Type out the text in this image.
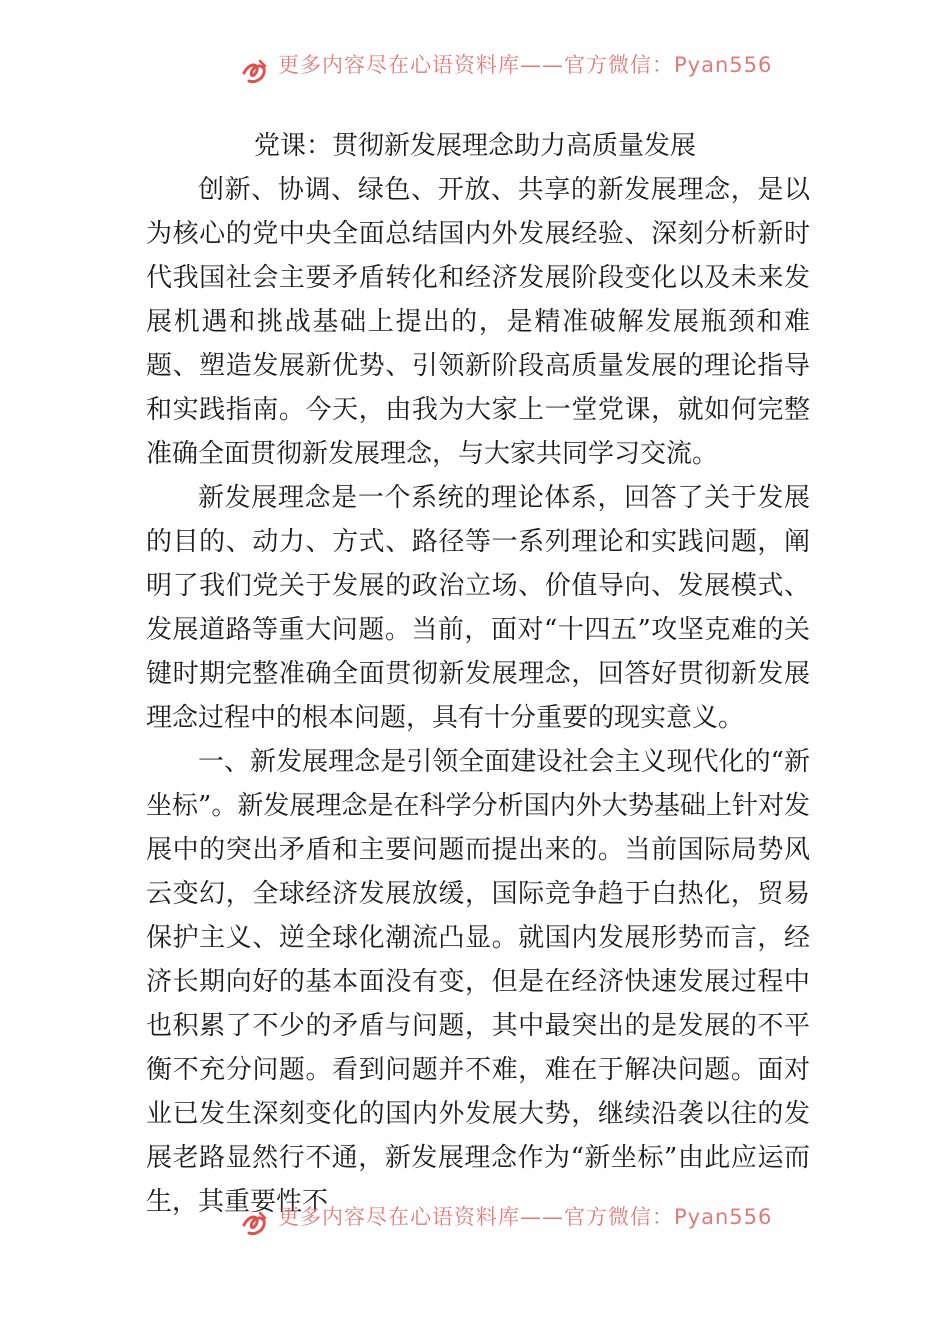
更多内容尽在心语资料库——官方微信：Pyan556
党课：贯彻新发展理念助力高质量发展

创新、协调、绿色、开放、共享的新发展理念，是以为核心的党中央全面总结国内外发展经验、深刻分析新时代我国社会主要矛盾转化和经济发展阶段变化以及未来发展机遇和挑战基础上提出的，是精准破解发展瓶颈和难题、塑造发展新优势、引领新阶段高质量发展的理论指导和实践指南。今天，由我为大家上一堂党课，就如何完整准确全面贯彻新发展理念，与大家共同学习交流。

新发展理念是一个系统的理论体系，回答了关于发展的目的、动力、方式、路径等一系列理论和实践问题，阐明了我们党关于发展的政治立场、价值导向、发展模式、发展道路等重大问题。当前，面对“十四五”攻坚克难的关键时期完整准确全面贯彻新发展理念，回答好贯彻新发展理念过程中的根本问题，具有十分重要的现实意义。

一、新发展理念是引领全面建设社会主义现代化的“新坐标”。新发展理念是在科学分析国内外大势基础上针对发展中的突出矛盾和主要问题而提出来的。当前国际局势风云变幻，全球经济发展放缓，国际竞争趋于白热化，贸易保护主义、逆全球化潮流凸显。就国内发展形势而言，经济长期向好的基本面没有变，但是在经济快速发展过程中也积累了不少的矛盾与问题，其中最突出的是发展的不平衡不充分问题。看到问题并不难，难在于解决问题。面对业已发生深刻变化的国内外发展大势，继续沿袭以往的发展老路显然行不通，新发展理念作为“新坐标”由此应运而生，其重要性不

更多内容尽在心语资料库——官方微信：Pyan556
